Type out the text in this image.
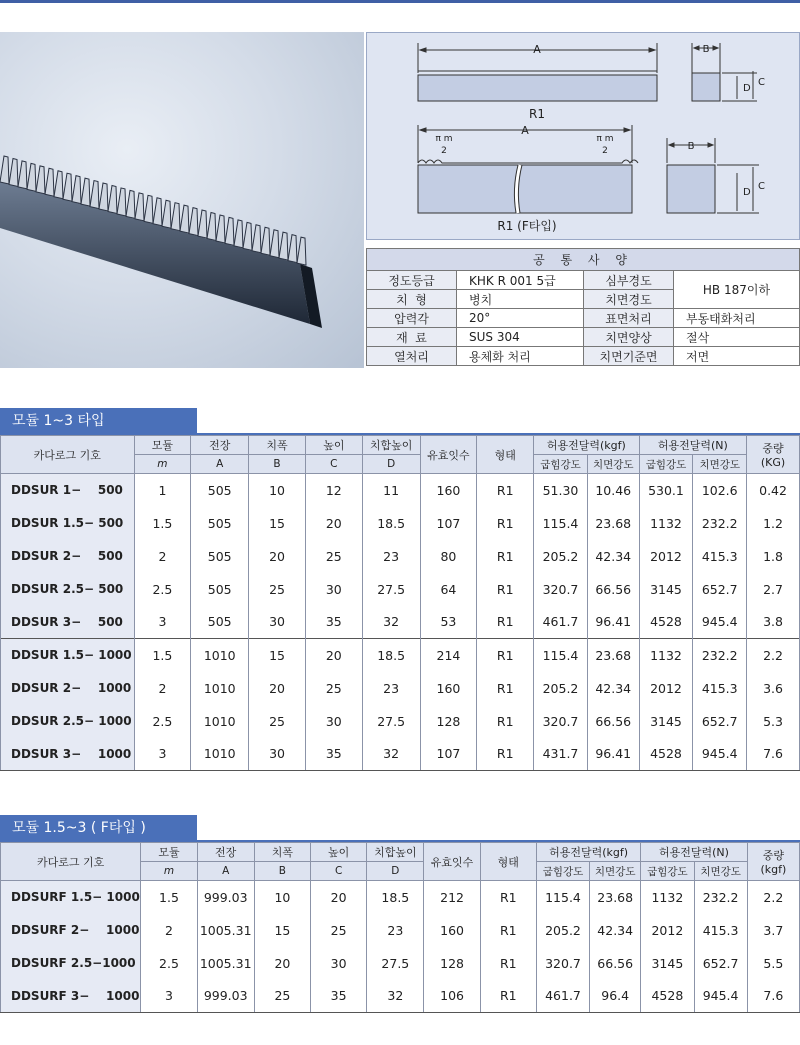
A
R1
B
D
C
π m
2
π m
2
A
R1 (F타입)
B
D
C
공 통 사 양			
정도등급	KHK R 001 5급	심부경도	HB 187이하
치  형	병치	치면경도	
압력각	20°	표면처리	부동태화처리
재  료	SUS 304	치면양상	절삭
열처리	용체화 처리	치면기준면	저면
모듈 1~3 타입
카다로그 기호	모듈	전장	치폭	높이	치합높이	유효잇수	형태	허용전달력(kgf)		허용전달력(N)		중량
(KG)
	m	A	B	C	D			굽힘강도	치면강도	굽힘강도	치면강도	
DDSUR 1−    500	1	505	10	12	11	160	R1	51.30	10.46	530.1	102.6	0.42
DDSUR 1.5− 500	1.5	505	15	20	18.5	107	R1	115.4	23.68	1132	232.2	1.2
DDSUR 2−    500	2	505	20	25	23	80	R1	205.2	42.34	2012	415.3	1.8
DDSUR 2.5− 500	2.5	505	25	30	27.5	64	R1	320.7	66.56	3145	652.7	2.7
DDSUR 3−    500	3	505	30	35	32	53	R1	461.7	96.41	4528	945.4	3.8
DDSUR 1.5− 1000	1.5	1010	15	20	18.5	214	R1	115.4	23.68	1132	232.2	2.2
DDSUR 2−    1000	2	1010	20	25	23	160	R1	205.2	42.34	2012	415.3	3.6
DDSUR 2.5− 1000	2.5	1010	25	30	27.5	128	R1	320.7	66.56	3145	652.7	5.3
DDSUR 3−    1000	3	1010	30	35	32	107	R1	431.7	96.41	4528	945.4	7.6
모듈 1.5~3 ( F타입 )
카다로그 기호	모듈	전장	치폭	높이	치합높이	유효잇수	형태	허용전달력(kgf)		허용전달력(N)		중량
(kgf)
	m	A	B	C	D			굽힘강도	치면강도	굽힘강도	치면강도	
DDSURF 1.5− 1000	1.5	999.03	10	20	18.5	212	R1	115.4	23.68	1132	232.2	2.2
DDSURF 2−    1000	2	1005.31	15	25	23	160	R1	205.2	42.34	2012	415.3	3.7
DDSURF 2.5−1000	2.5	1005.31	20	30	27.5	128	R1	320.7	66.56	3145	652.7	5.5
DDSURF 3−    1000	3	999.03	25	35	32	106	R1	461.7	96.4	4528	945.4	7.6
